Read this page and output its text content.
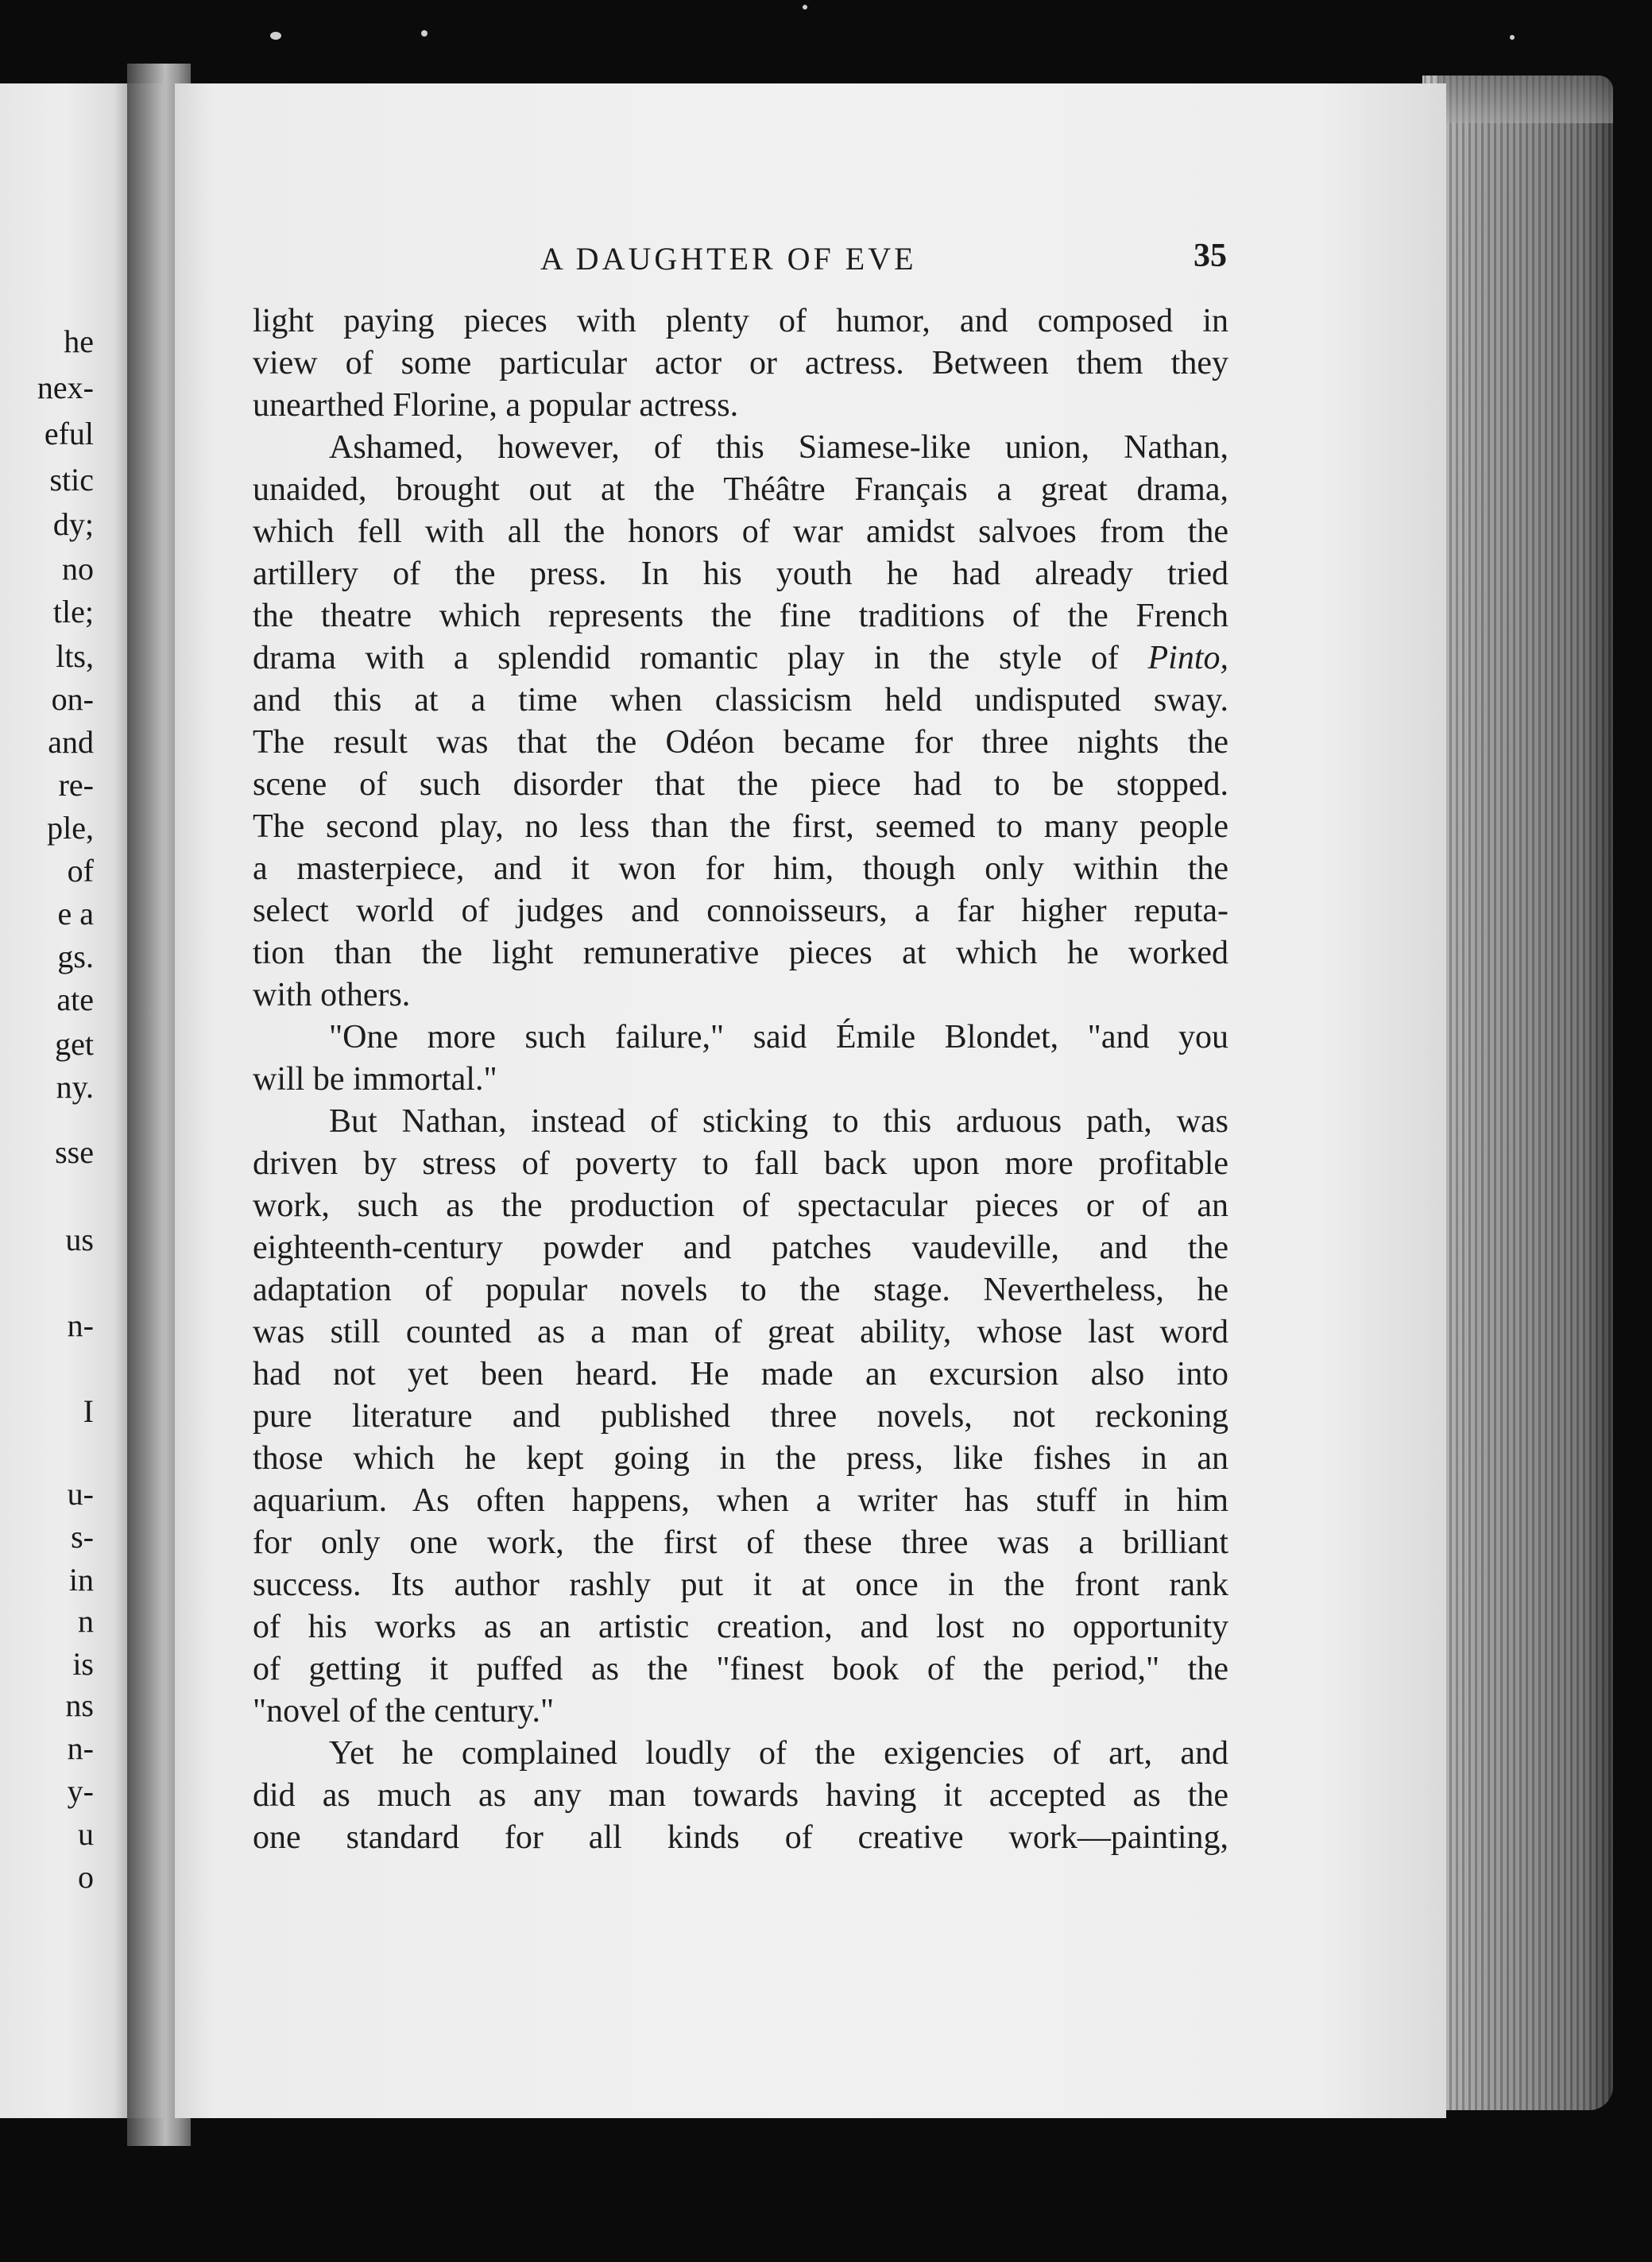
A DAUGHTER OF EVE	35
light paying pieces with plenty of humor, and composed in
view of some particular actor or actress. Between them they
unearthed Florine, a popular actress.
Ashamed, however, of this Siamese-like union, Nathan,
unaided, brought out at the Théâtre Français a great drama,
which fell with all the honors of war amidst salvoes from the
artillery of the press. In his youth he had already tried
the theatre which represents the fine traditions of the French
drama with a splendid romantic play in the style of Pinto,
and this at a time when classicism held undisputed sway.
The result was that the Odéon became for three nights the
scene of such disorder that the piece had to be stopped.
The second play, no less than the first, seemed to many people
a masterpiece, and it won for him, though only within the
select world of judges and connoisseurs, a far higher reputa-
tion than the light remunerative pieces at which he worked
with others.
"One more such failure," said Émile Blondet, "and you
will be immortal."
But Nathan, instead of sticking to this arduous path, was
driven by stress of poverty to fall back upon more profitable
work, such as the production of spectacular pieces or of an
eighteenth-century powder and patches vaudeville, and the
adaptation of popular novels to the stage. Nevertheless, he
was still counted as a man of great ability, whose last word
had not yet been heard. He made an excursion also into
pure literature and published three novels, not reckoning
those which he kept going in the press, like fishes in an
aquarium. As often happens, when a writer has stuff in him
for only one work, the first of these three was a brilliant
success. Its author rashly put it at once in the front rank
of his works as an artistic creation, and lost no opportunity
of getting it puffed as the "finest book of the period," the
"novel of the century."
Yet he complained loudly of the exigencies of art, and
did as much as any man towards having it accepted as the
one standard for all kinds of creative work—painting,
he
nex-
eful
stic
dy;
no
tle;
lts,
on-
and
re-
ple,
of
e a
gs.
ate
get
ny.
sse
us
n-
I
u-
s-
in
n
is
ns
n-
y-
u
o
